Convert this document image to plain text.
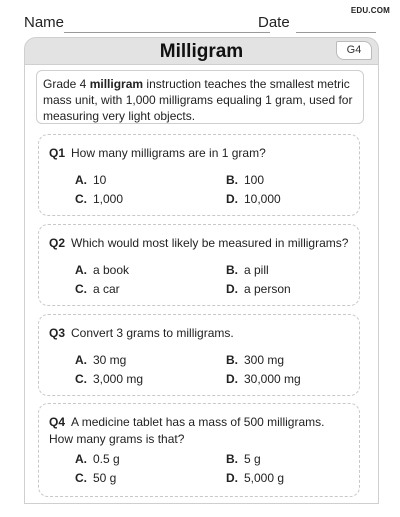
Name	Date
EDU.COM
Milligram	G4
Grade 4 milligram instruction teaches the smallest metric mass unit, with 1,000 milligrams equaling 1 gram, used for measuring very light objects.
Q1 How many milligrams are in 1 gram?
A. 10	B. 100
C. 1,000	D. 10,000
Q2 Which would most likely be measured in milligrams?
A. a book	B. a pill
C. a car	D. a person
Q3 Convert 3 grams to milligrams.
A. 30 mg	B. 300 mg
C. 3,000 mg	D. 30,000 mg
Q4 A medicine tablet has a mass of 500 milligrams. How many grams is that?
A. 0.5 g	B. 5 g
C. 50 g	D. 5,000 g
